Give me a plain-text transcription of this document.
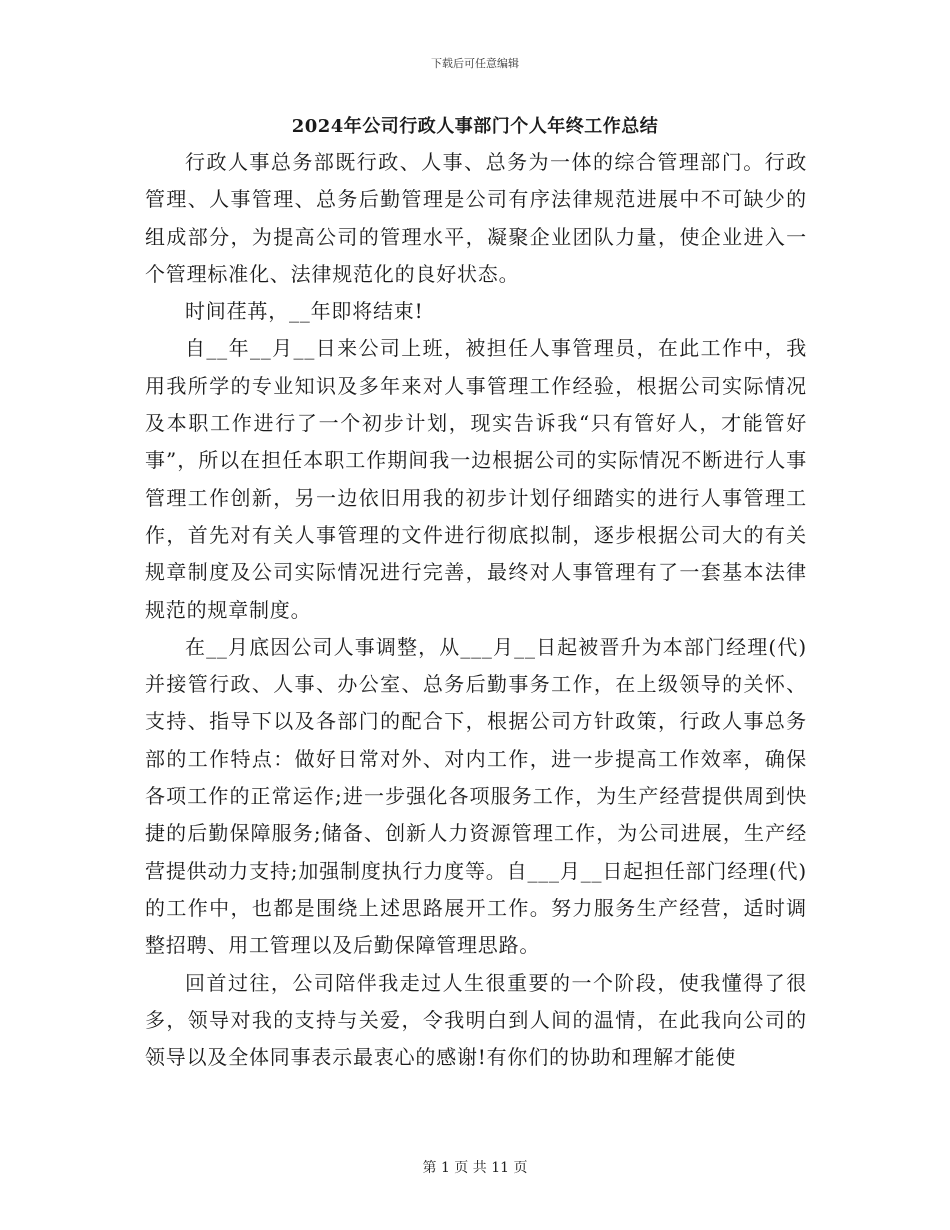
下载后可任意编辑
2024年公司行政人事部门个人年终工作总结

行政人事总务部既行政、人事、总务为一体的综合管理部门。行政管理、人事管理、总务后勤管理是公司有序法律规范进展中不可缺少的组成部分，为提高公司的管理水平，凝聚企业团队力量，使企业进入一个管理标准化、法律规范化的良好状态。

时间荏苒，__年即将结束!

自__年__月__日来公司上班，被担任人事管理员，在此工作中，我用我所学的专业知识及多年来对人事管理工作经验，根据公司实际情况及本职工作进行了一个初步计划，现实告诉我“只有管好人，才能管好事”，所以在担任本职工作期间我一边根据公司的实际情况不断进行人事管理工作创新，另一边依旧用我的初步计划仔细踏实的进行人事管理工作，首先对有关人事管理的文件进行彻底拟制，逐步根据公司大的有关规章制度及公司实际情况进行完善，最终对人事管理有了一套基本法律规范的规章制度。

在__月底因公司人事调整，从___月__日起被晋升为本部门经理(代)并接管行政、人事、办公室、总务后勤事务工作，在上级领导的关怀、支持、指导下以及各部门的配合下，根据公司方针政策，行政人事总务部的工作特点：做好日常对外、对内工作，进一步提高工作效率，确保各项工作的正常运作;进一步强化各项服务工作，为生产经营提供周到快捷的后勤保障服务;储备、创新人力资源管理工作，为公司进展，生产经营提供动力支持;加强制度执行力度等。自___月__日起担任部门经理(代)的工作中，也都是围绕上述思路展开工作。努力服务生产经营，适时调整招聘、用工管理以及后勤保障管理思路。

回首过往，公司陪伴我走过人生很重要的一个阶段，使我懂得了很多，领导对我的支持与关爱，令我明白到人间的温情，在此我向公司的领导以及全体同事表示最衷心的感谢!有你们的协助和理解才能使

第 1 页 共 11 页
